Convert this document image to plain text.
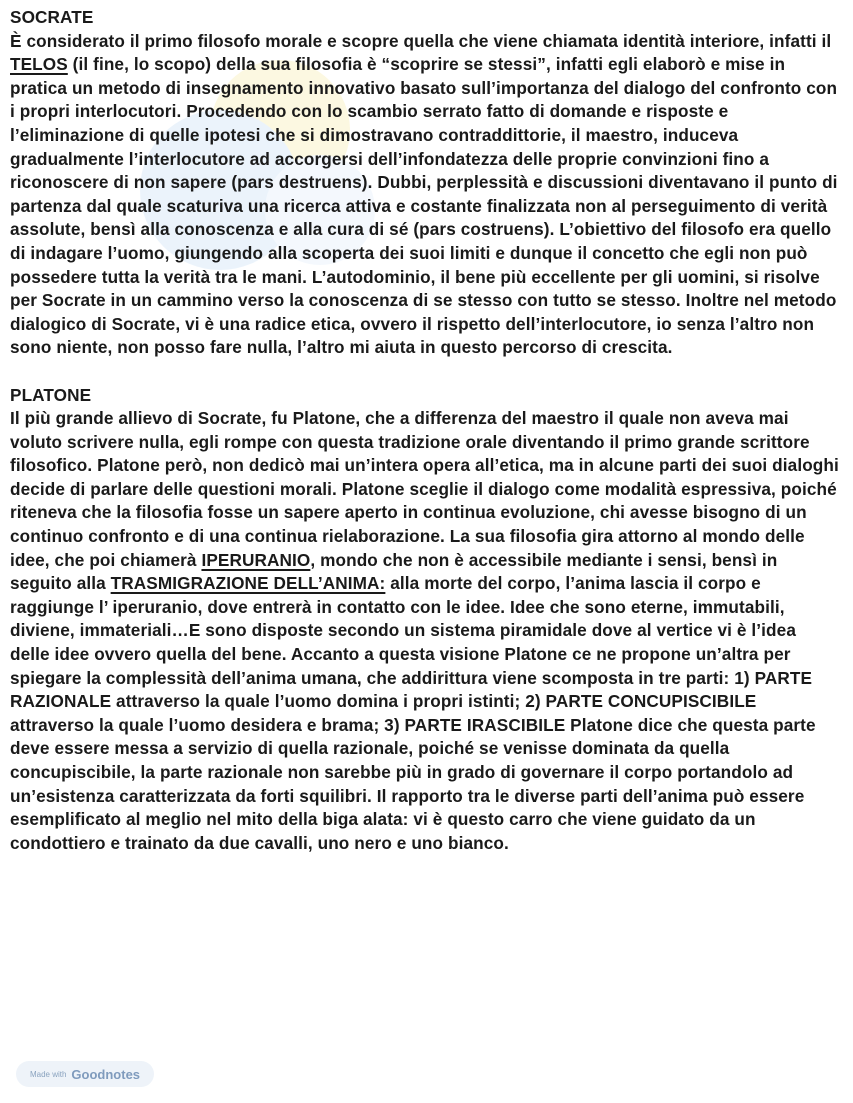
SOCRATE

È considerato il primo filosofo morale e scopre quella che viene chiamata identità interiore, infatti il TELOS (il fine, lo scopo) della sua filosofia è “scoprire se stessi”, infatti egli elaborò e mise in pratica un metodo di insegnamento innovativo basato sull’importanza del dialogo del confronto con i propri interlocutori. Procedendo con lo scambio serrato fatto di domande e risposte e l’eliminazione di quelle ipotesi che si dimostravano contraddittorie, il maestro, induceva gradualmente l’interlocutore ad accorgersi dell’infondatezza delle proprie convinzioni fino a riconoscere di non sapere (pars destruens). Dubbi, perplessità e discussioni diventavano il punto di partenza dal quale scaturiva una ricerca attiva e costante finalizzata non al perseguimento di verità assolute, bensì alla conoscenza e alla cura di sé (pars costruens). L’obiettivo del filosofo era quello di indagare l’uomo, giungendo alla scoperta dei suoi limiti e dunque il concetto che egli non può possedere tutta la verità tra le mani. L’autodominio, il bene più eccellente per gli uomini, si risolve per Socrate in un cammino verso la conoscenza di se stesso con tutto se stesso. Inoltre nel metodo dialogico di Socrate, vi è una radice etica, ovvero il rispetto dell’interlocutore, io senza l’altro non sono niente, non posso fare nulla, l’altro mi aiuta in questo percorso di crescita.

PLATONE

Il più grande allievo di Socrate, fu Platone, che a differenza del maestro il quale non aveva mai voluto scrivere nulla, egli rompe con questa tradizione orale diventando il primo grande scrittore filosofico. Platone però, non dedicò mai un’intera opera all’etica, ma in alcune parti dei suoi dialoghi decide di parlare delle questioni morali. Platone sceglie il dialogo come modalità espressiva, poiché riteneva che la filosofia fosse un sapere aperto in continua evoluzione, chi avesse bisogno di un continuo confronto e di una continua rielaborazione. La sua filosofia gira attorno al mondo delle idee, che poi chiamerà IPERURANIO, mondo che non è accessibile mediante i sensi, bensì in seguito alla TRASMIGRAZIONE DELL’ANIMA: alla morte del corpo, l’anima lascia il corpo e raggiunge l’ iperuranio, dove entrerà in contatto con le idee. Idee che sono eterne, immutabili, diviene, immateriali…E sono disposte secondo un sistema piramidale dove al vertice vi è l’idea delle idee ovvero quella del bene. Accanto a questa visione Platone ce ne propone un’altra per spiegare la complessità dell’anima umana, che addirittura viene scomposta in tre parti: 1) PARTE RAZIONALE attraverso la quale l’uomo domina i propri istinti; 2) PARTE CONCUPISCIBILE attraverso la quale l’uomo desidera e brama; 3) PARTE IRASCIBILE Platone dice che questa parte deve essere messa a servizio di quella razionale, poiché se venisse dominata da quella concupiscibile, la parte razionale non sarebbe più in grado di governare il corpo portandolo ad un’esistenza caratterizzata da forti squilibri. Il rapporto tra le diverse parti dell’anima può essere esemplificato al meglio nel mito della biga alata: vi è questo carro che viene guidato da un condottiero e trainato da due cavalli, uno nero e uno bianco.

Made with Goodnotes
